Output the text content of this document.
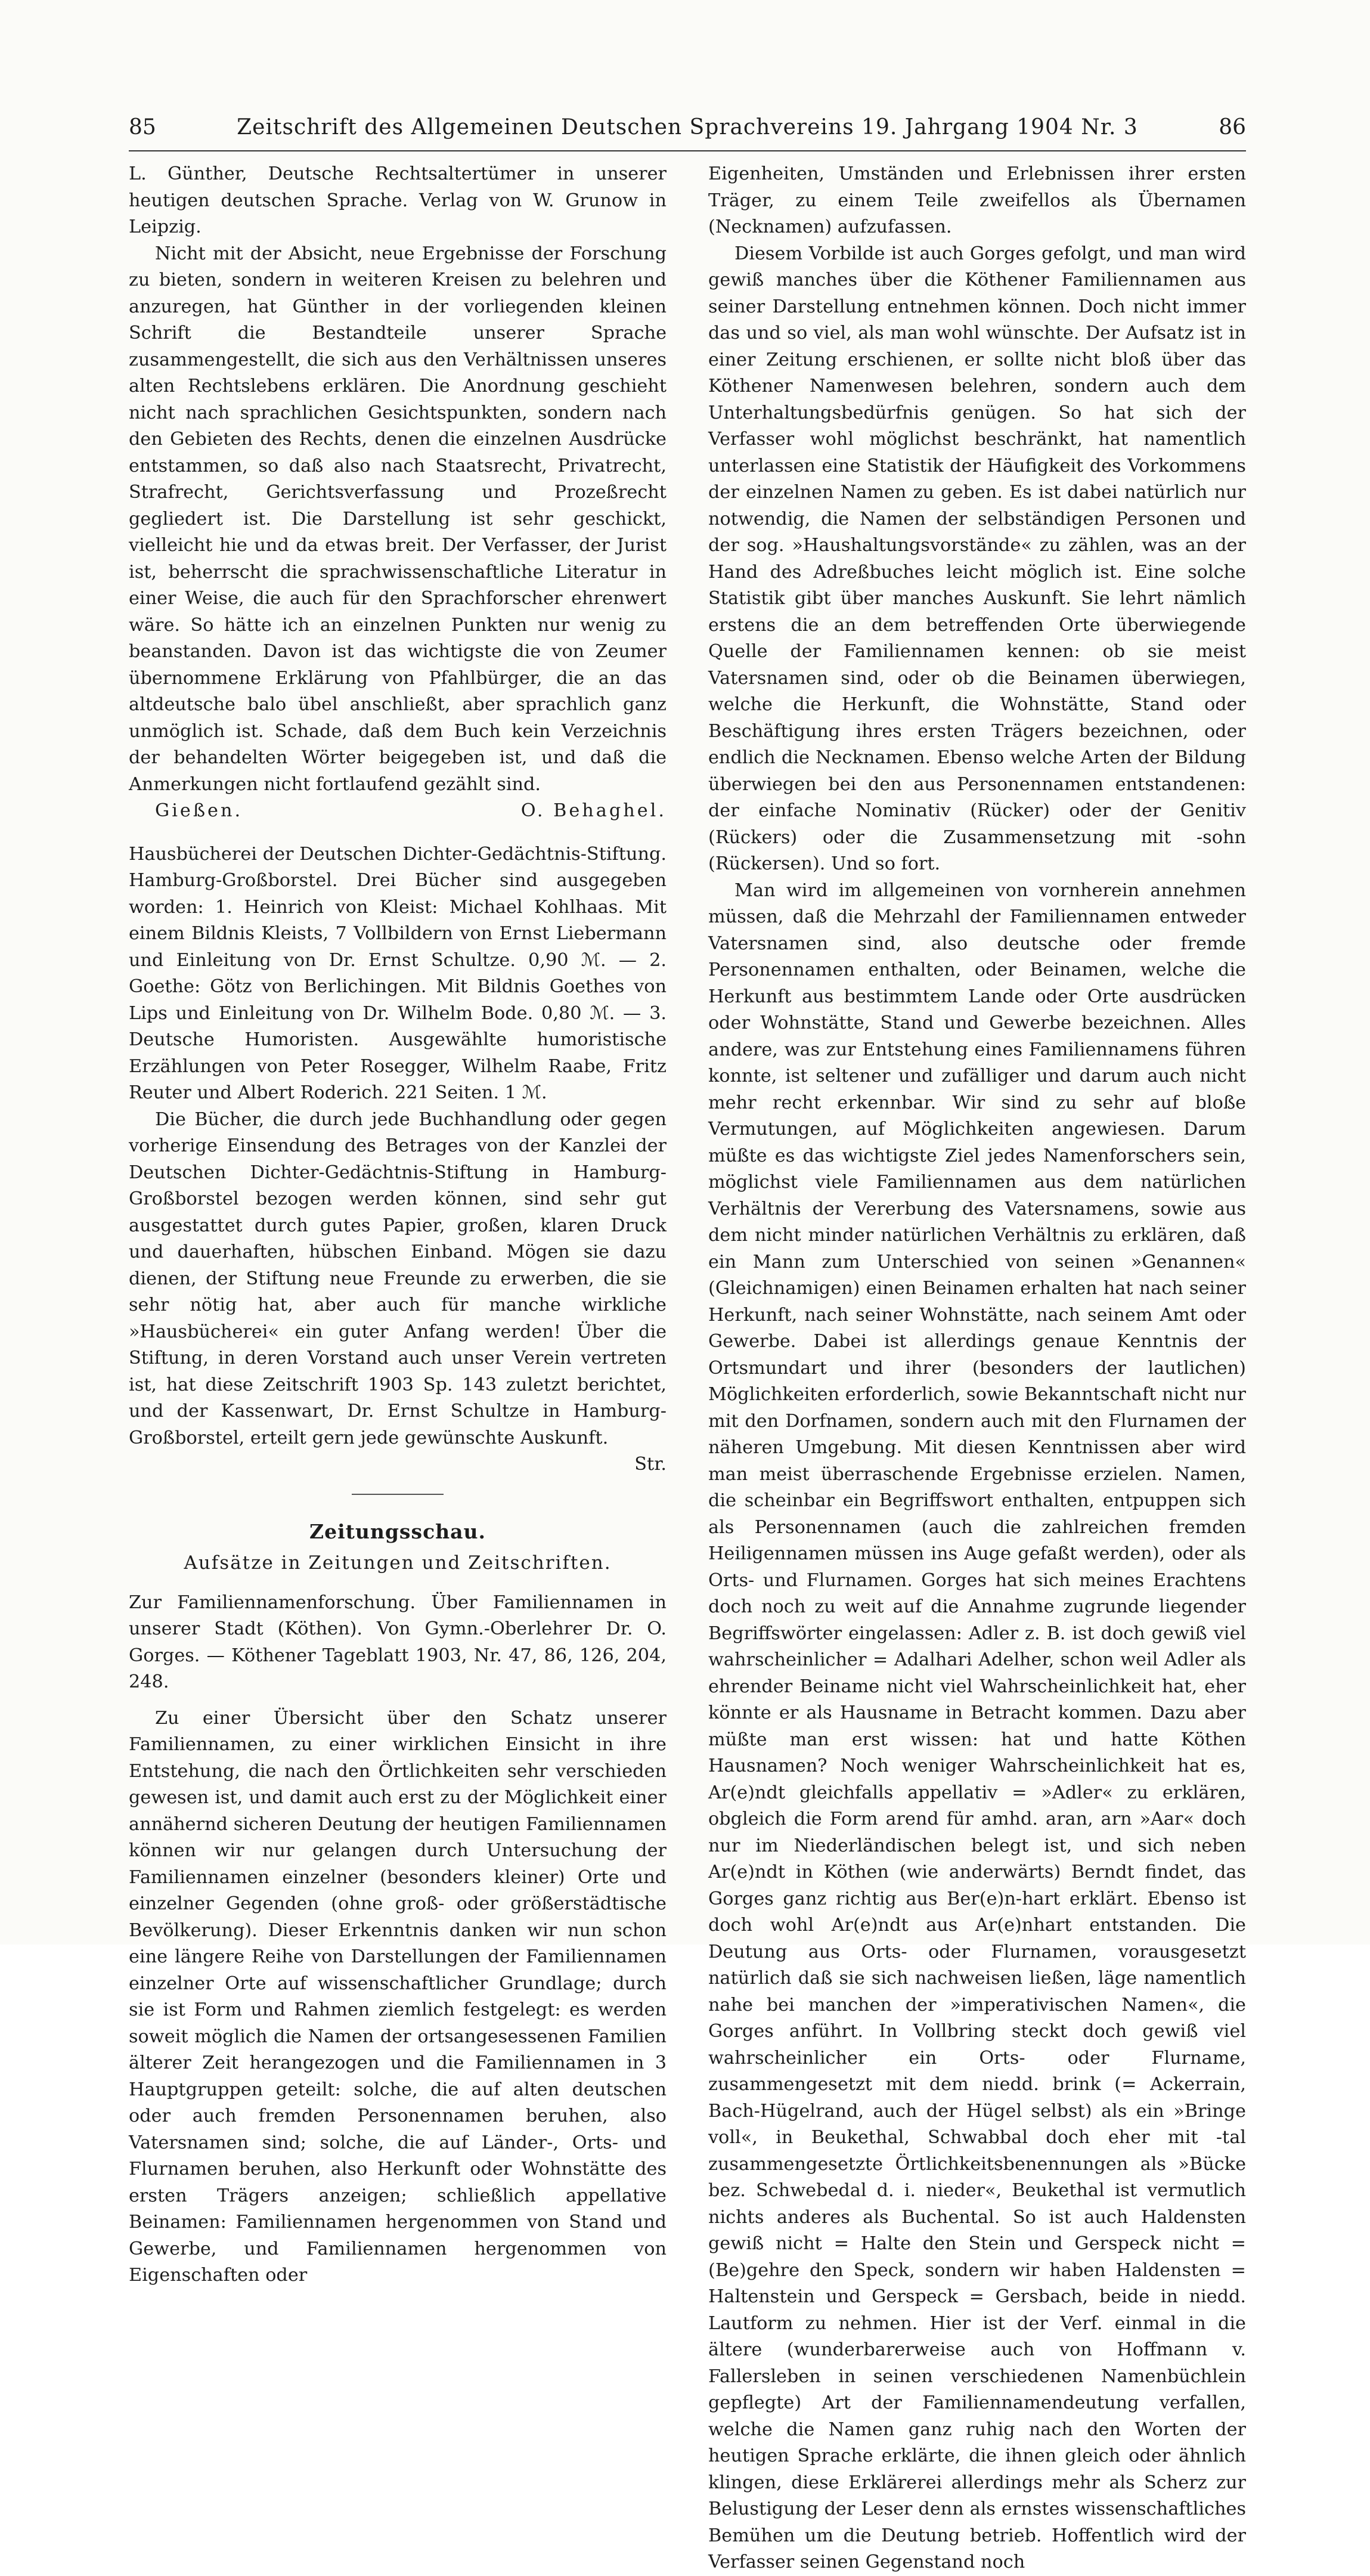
85	Zeitschrift des Allgemeinen Deutschen Sprachvereins 19. Jahrgang 1904 Nr. 3	86

L. Günther, Deutsche Rechtsaltertümer in unserer heutigen deutschen Sprache. Verlag von W. Grunow in Leipzig.

Nicht mit der Absicht, neue Ergebnisse der Forschung zu bieten, sondern in weiteren Kreisen zu belehren und anzuregen, hat Günther in der vorliegenden kleinen Schrift die Bestandteile unserer Sprache zusammengestellt, die sich aus den Verhältnissen unseres alten Rechtslebens erklären. Die Anordnung geschieht nicht nach sprachlichen Gesichtspunkten, sondern nach den Gebieten des Rechts, denen die einzelnen Ausdrücke entstammen, so daß also nach Staatsrecht, Privatrecht, Strafrecht, Gerichtsverfassung und Prozeßrecht gegliedert ist. Die Darstellung ist sehr geschickt, vielleicht hie und da etwas breit. Der Verfasser, der Jurist ist, beherrscht die sprachwissenschaftliche Literatur in einer Weise, die auch für den Sprachforscher ehrenwert wäre. So hätte ich an einzelnen Punkten nur wenig zu beanstanden. Davon ist das wichtigste die von Zeumer übernommene Erklärung von Pfahlbürger, die an das altdeutsche balo übel anschließt, aber sprachlich ganz unmöglich ist. Schade, daß dem Buch kein Verzeichnis der behandelten Wörter beigegeben ist, und daß die Anmerkungen nicht fortlaufend gezählt sind.

Gießen.	O. Behaghel.

Hausbücherei der Deutschen Dichter-Gedächtnis-Stiftung. Hamburg-Großborstel. Drei Bücher sind ausgegeben worden: 1. Heinrich von Kleist: Michael Kohlhaas. Mit einem Bildnis Kleists, 7 Vollbildern von Ernst Liebermann und Einleitung von Dr. Ernst Schultze. 0,90 ℳ. — 2. Goethe: Götz von Berlichingen. Mit Bildnis Goethes von Lips und Einleitung von Dr. Wilhelm Bode. 0,80 ℳ. — 3. Deutsche Humoristen. Ausgewählte humoristische Erzählungen von Peter Rosegger, Wilhelm Raabe, Fritz Reuter und Albert Roderich. 221 Seiten. 1 ℳ.

Die Bücher, die durch jede Buchhandlung oder gegen vorherige Einsendung des Betrages von der Kanzlei der Deutschen Dichter-Gedächtnis-Stiftung in Hamburg-Großborstel bezogen werden können, sind sehr gut ausgestattet durch gutes Papier, großen, klaren Druck und dauerhaften, hübschen Einband. Mögen sie dazu dienen, der Stiftung neue Freunde zu erwerben, die sie sehr nötig hat, aber auch für manche wirkliche »Hausbücherei« ein guter Anfang werden! Über die Stiftung, in deren Vorstand auch unser Verein vertreten ist, hat diese Zeitschrift 1903 Sp. 143 zuletzt berichtet, und der Kassenwart, Dr. Ernst Schultze in Hamburg-Großborstel, erteilt gern jede gewünschte Auskunft.

Str.

Zeitungsschau.
Aufsätze in Zeitungen und Zeitschriften.

Zur Familiennamenforschung. Über Familiennamen in unserer Stadt (Köthen). Von Gymn.-Oberlehrer Dr. O. Gorges. — Köthener Tageblatt 1903, Nr. 47, 86, 126, 204, 248.

Zu einer Übersicht über den Schatz unserer Familiennamen, zu einer wirklichen Einsicht in ihre Entstehung, die nach den Örtlichkeiten sehr verschieden gewesen ist, und damit auch erst zu der Möglichkeit einer annähernd sicheren Deutung der heutigen Familiennamen können wir nur gelangen durch Untersuchung der Familiennamen einzelner (besonders kleiner) Orte und einzelner Gegenden (ohne groß- oder größerstädtische Bevölkerung). Dieser Erkenntnis danken wir nun schon eine längere Reihe von Darstellungen der Familiennamen einzelner Orte auf wissenschaftlicher Grundlage; durch sie ist Form und Rahmen ziemlich festgelegt: es werden soweit möglich die Namen der ortsangesessenen Familien älterer Zeit herangezogen und die Familiennamen in 3 Hauptgruppen geteilt: solche, die auf alten deutschen oder auch fremden Personennamen beruhen, also Vatersnamen sind; solche, die auf Länder-, Orts- und Flurnamen beruhen, also Herkunft oder Wohnstätte des ersten Trägers anzeigen; schließlich appellative Beinamen: Familiennamen hergenommen von Stand und Gewerbe, und Familiennamen hergenommen von Eigenschaften oder

Eigenheiten, Umständen und Erlebnissen ihrer ersten Träger, zu einem Teile zweifellos als Übernamen (Necknamen) aufzufassen.

Diesem Vorbilde ist auch Gorges gefolgt, und man wird gewiß manches über die Köthener Familiennamen aus seiner Darstellung entnehmen können. Doch nicht immer das und so viel, als man wohl wünschte. Der Aufsatz ist in einer Zeitung erschienen, er sollte nicht bloß über das Köthener Namenwesen belehren, sondern auch dem Unterhaltungsbedürfnis genügen. So hat sich der Verfasser wohl möglichst beschränkt, hat namentlich unterlassen eine Statistik der Häufigkeit des Vorkommens der einzelnen Namen zu geben. Es ist dabei natürlich nur notwendig, die Namen der selbständigen Personen und der sog. »Haushaltungsvorstände« zu zählen, was an der Hand des Adreßbuches leicht möglich ist. Eine solche Statistik gibt über manches Auskunft. Sie lehrt nämlich erstens die an dem betreffenden Orte überwiegende Quelle der Familiennamen kennen: ob sie meist Vatersnamen sind, oder ob die Beinamen überwiegen, welche die Herkunft, die Wohnstätte, Stand oder Beschäftigung ihres ersten Trägers bezeichnen, oder endlich die Necknamen. Ebenso welche Arten der Bildung überwiegen bei den aus Personennamen entstandenen: der einfache Nominativ (Rücker) oder der Genitiv (Rückers) oder die Zusammensetzung mit -sohn (Rückersen). Und so fort.

Man wird im allgemeinen von vornherein annehmen müssen, daß die Mehrzahl der Familiennamen entweder Vatersnamen sind, also deutsche oder fremde Personennamen enthalten, oder Beinamen, welche die Herkunft aus bestimmtem Lande oder Orte ausdrücken oder Wohnstätte, Stand und Gewerbe bezeichnen. Alles andere, was zur Entstehung eines Familiennamens führen konnte, ist seltener und zufälliger und darum auch nicht mehr recht erkennbar. Wir sind zu sehr auf bloße Vermutungen, auf Möglichkeiten angewiesen. Darum müßte es das wichtigste Ziel jedes Namenforschers sein, möglichst viele Familiennamen aus dem natürlichen Verhältnis der Vererbung des Vatersnamens, sowie aus dem nicht minder natürlichen Verhältnis zu erklären, daß ein Mann zum Unterschied von seinen »Genannen« (Gleichnamigen) einen Beinamen erhalten hat nach seiner Herkunft, nach seiner Wohnstätte, nach seinem Amt oder Gewerbe. Dabei ist allerdings genaue Kenntnis der Ortsmundart und ihrer (besonders der lautlichen) Möglichkeiten erforderlich, sowie Bekanntschaft nicht nur mit den Dorfnamen, sondern auch mit den Flurnamen der näheren Umgebung. Mit diesen Kenntnissen aber wird man meist überraschende Ergebnisse erzielen. Namen, die scheinbar ein Begriffswort enthalten, entpuppen sich als Personennamen (auch die zahlreichen fremden Heiligennamen müssen ins Auge gefaßt werden), oder als Orts- und Flurnamen. Gorges hat sich meines Erachtens doch noch zu weit auf die Annahme zugrunde liegender Begriffswörter eingelassen: Adler z. B. ist doch gewiß viel wahrscheinlicher = Adalhari Adelher, schon weil Adler als ehrender Beiname nicht viel Wahrscheinlichkeit hat, eher könnte er als Hausname in Betracht kommen. Dazu aber müßte man erst wissen: hat und hatte Köthen Hausnamen? Noch weniger Wahrscheinlichkeit hat es, Ar(e)ndt gleichfalls appellativ = »Adler« zu erklären, obgleich die Form arend für amhd. aran, arn »Aar« doch nur im Niederländischen belegt ist, und sich neben Ar(e)ndt in Köthen (wie anderwärts) Berndt findet, das Gorges ganz richtig aus Ber(e)n-hart erklärt. Ebenso ist doch wohl Ar(e)ndt aus Ar(e)nhart entstanden. Die Deutung aus Orts- oder Flurnamen, vorausgesetzt natürlich daß sie sich nachweisen ließen, läge namentlich nahe bei manchen der »imperativischen Namen«, die Gorges anführt. In Vollbring steckt doch gewiß viel wahrscheinlicher ein Orts- oder Flurname, zusammengesetzt mit dem niedd. brink (= Ackerrain, Bach-Hügelrand, auch der Hügel selbst) als ein »Bringe voll«, in Beukethal, Schwabbal doch eher mit -tal zusammengesetzte Örtlichkeitsbenennungen als »Bücke bez. Schwebedal d. i. nieder«, Beukethal ist vermutlich nichts anderes als Buchental. So ist auch Haldensten gewiß nicht = Halte den Stein und Gerspeck nicht = (Be)gehre den Speck, sondern wir haben Haldensten = Haltenstein und Gerspeck = Gersbach, beide in niedd. Lautform zu nehmen. Hier ist der Verf. einmal in die ältere (wunderbarerweise auch von Hoffmann v. Fallersleben in seinen verschiedenen Namenbüchlein gepflegte) Art der Familiennamendeutung verfallen, welche die Namen ganz ruhig nach den Worten der heutigen Sprache erklärte, die ihnen gleich oder ähnlich klingen, diese Erklärerei allerdings mehr als Scherz zur Belustigung der Leser denn als ernstes wissenschaftliches Bemühen um die Deutung betrieb. Hoffentlich wird der Verfasser seinen Gegenstand noch
